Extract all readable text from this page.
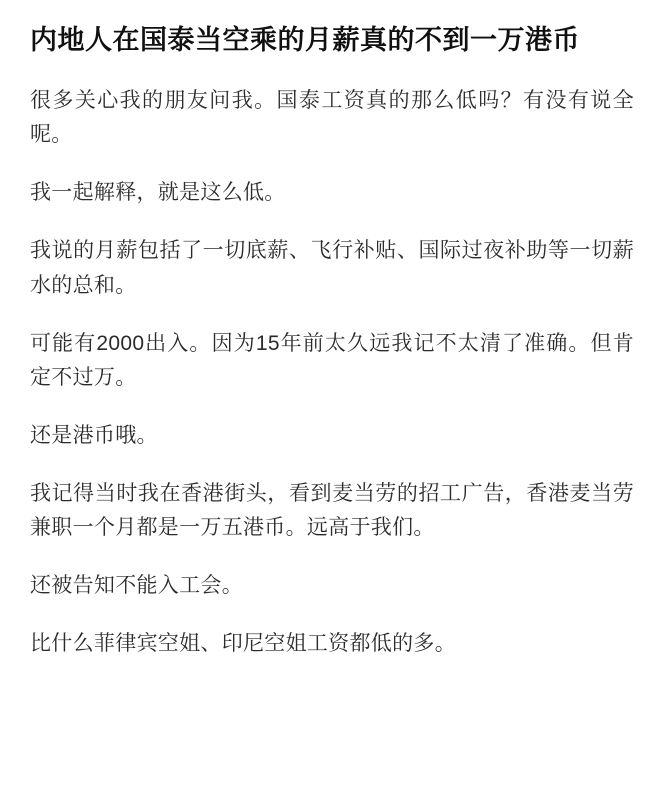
内地人在国泰当空乘的月薪真的不到一万港币

很多关心我的朋友问我。国泰工资真的那么低吗？有没有说全呢。

我一起解释，就是这么低。

我说的月薪包括了一切底薪、飞行补贴、国际过夜补助等一切薪水的总和。

可能有2000出入。因为15年前太久远我记不太清了准确。但肯定不过万。

还是港币哦。

我记得当时我在香港街头，看到麦当劳的招工广告，香港麦当劳兼职一个月都是一万五港币。远高于我们。

还被告知不能入工会。

比什么菲律宾空姐、印尼空姐工资都低的多。
